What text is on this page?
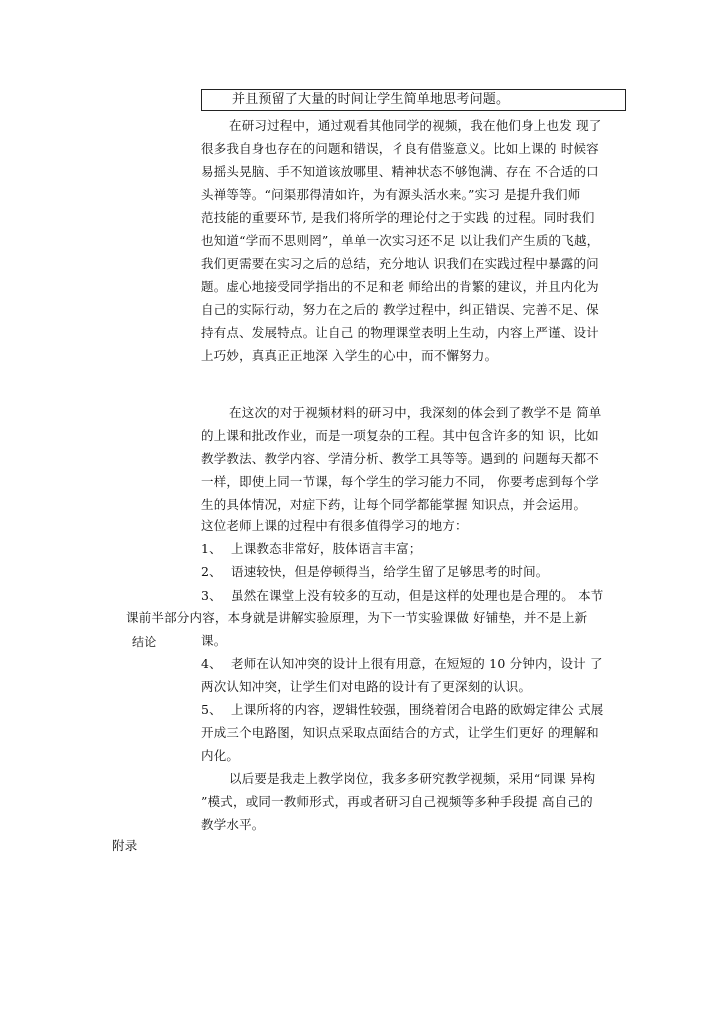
并且预留了大量的时间让学生简单地思考问题。
在研习过程中，通过观看其他同学的视频，我在他们身上也发 现了
很多我自身也存在的问题和错误，彳良有借鉴意义。比如上课的 时候容
易摇头晃脑、手不知道该放哪里、精神状态不够饱满、存在 不合适的口
头禅等等。“问渠那得清如许，为有源头活水来。”实习 是提升我们师
范技能的重要环节, 是我们将所学的理论付之于实践 的过程。同时我们
也知道“学而不思则罔”，单单一次实习还不足 以让我们产生质的飞越，
我们更需要在实习之后的总结，充分地认 识我们在实践过程中暴露的问
题。虚心地接受同学指出的不足和老 师给出的肯繁的建议，并且内化为
自己的实际行动，努力在之后的 教学过程中，纠正错误、完善不足、保
持有点、发展特点。让自己 的物理课堂表明上生动，内容上严谨、设计
上巧妙，真真正正地深 入学生的心中，而不懈努力。
在这次的对于视频材料的研习中，我深刻的体会到了教学不是 简单
的上课和批改作业，而是一项复杂的工程。其中包含许多的知 识，比如
教学教法、教学内容、学清分析、教学工具等等。遇到的 问题每天都不
一样，即使上同一节课，每个学生的学习能力不同， 你要考虑到每个学
生的具体情况，对症下药，让每个同学都能掌握 知识点，并会运用。
这位老师上课的过程中有很多值得学习的地方：
1、 上课教态非常好，肢体语言丰富；
2、 语速较快，但是停顿得当，给学生留了足够思考的时间。
3、 虽然在课堂上没有较多的互动，但是这样的处理也是合理的。 本节
课前半部分内容，本身就是讲解实验原理，为下一节实验课做 好铺垫，并不是上新
结论	课。
4、 老师在认知冲突的设计上很有用意，在短短的 10 分钟内，设计 了
两次认知冲突，让学生们对电路的设计有了更深刻的认识。
5、 上课所将的内容，逻辑性较强，围绕着闭合电路的欧姆定律公 式展
开成三个电路图，知识点采取点面结合的方式，让学生们更好 的理解和
内化。
以后要是我走上教学岗位，我多多研究教学视频，采用“同课 异构
”模式，或同一教师形式，再或者研习自己视频等多种手段提 高自己的
教学水平。
附录
